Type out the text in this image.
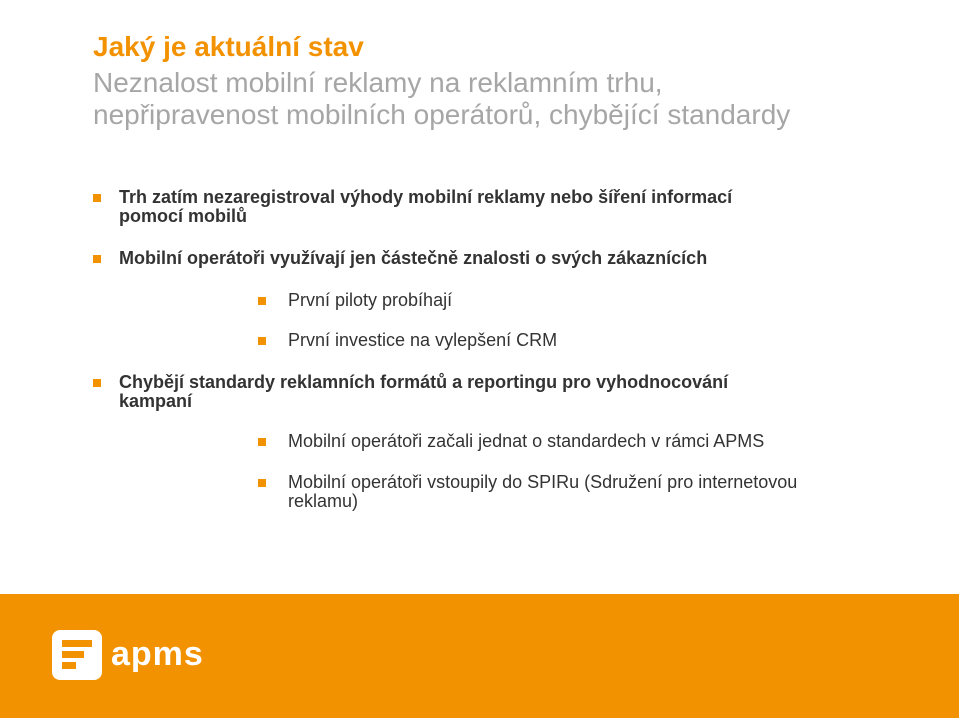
Jaký je aktuální stav
Neznalost mobilní reklamy na reklamním trhu,
nepřipravenost mobilních operátorů, chybějící standardy
Trh zatím nezaregistroval výhody mobilní reklamy nebo šíření informací
pomocí mobilů
Mobilní operátoři využívají jen částečně znalosti o svých zákaznících
První piloty probíhají
První investice na vylepšení CRM
Chybějí standardy reklamních formátů a reportingu pro vyhodnocování
kampaní
Mobilní operátoři začali jednat o standardech v rámci APMS
Mobilní operátoři vstoupily do SPIRu (Sdružení pro internetovou
reklamu)
apms
